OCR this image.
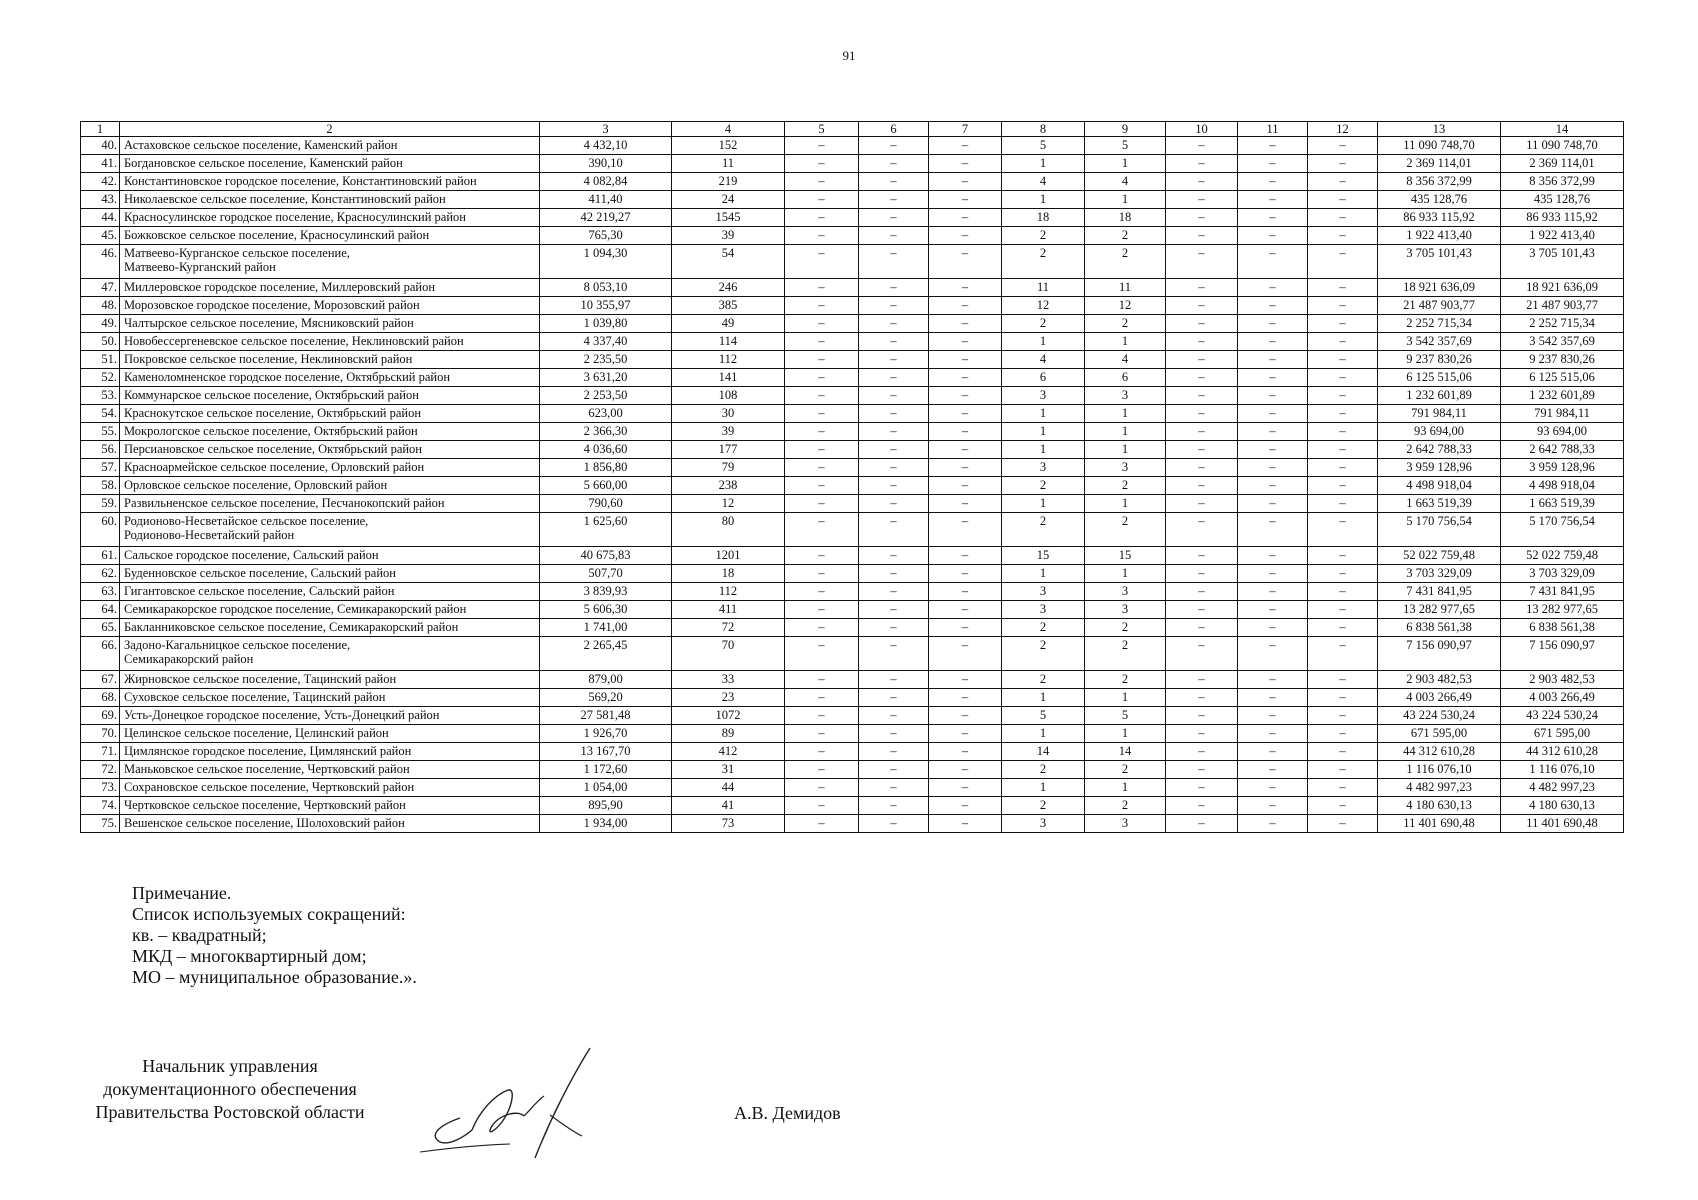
91
1	2	3	4	5	6	7	8	9	10	11	12	13	14
40.	Астаховское сельское поселение, Каменский район	4 432,10	152	–	–	–	5	5	–	–	–	11 090 748,70	11 090 748,70
41.	Богдановское сельское поселение, Каменский район	390,10	11	–	–	–	1	1	–	–	–	2 369 114,01	2 369 114,01
42.	Константиновское городское поселение, Константиновский район	4 082,84	219	–	–	–	4	4	–	–	–	8 356 372,99	8 356 372,99
43.	Николаевское сельское поселение, Константиновский район	411,40	24	–	–	–	1	1	–	–	–	435 128,76	435 128,76
44.	Красносулинское городское поселение, Красносулинский район	42 219,27	1545	–	–	–	18	18	–	–	–	86 933 115,92	86 933 115,92
45.	Божковское сельское поселение, Красносулинский район	765,30	39	–	–	–	2	2	–	–	–	1 922 413,40	1 922 413,40
46.	Матвеево-Курганское сельское поселение,
Матвеево-Курганский район	1 094,30	54	–	–	–	2	2	–	–	–	3 705 101,43	3 705 101,43
47.	Миллеровское городское поселение, Миллеровский район	8 053,10	246	–	–	–	11	11	–	–	–	18 921 636,09	18 921 636,09
48.	Морозовское городское поселение, Морозовский район	10 355,97	385	–	–	–	12	12	–	–	–	21 487 903,77	21 487 903,77
49.	Чалтырское сельское поселение, Мясниковский район	1 039,80	49	–	–	–	2	2	–	–	–	2 252 715,34	2 252 715,34
50.	Новобессергеневское сельское поселение, Неклиновский район	4 337,40	114	–	–	–	1	1	–	–	–	3 542 357,69	3 542 357,69
51.	Покровское сельское поселение, Неклиновский район	2 235,50	112	–	–	–	4	4	–	–	–	9 237 830,26	9 237 830,26
52.	Каменоломненское городское поселение, Октябрьский район	3 631,20	141	–	–	–	6	6	–	–	–	6 125 515,06	6 125 515,06
53.	Коммунарское сельское поселение, Октябрьский район	2 253,50	108	–	–	–	3	3	–	–	–	1 232 601,89	1 232 601,89
54.	Краснокутское сельское поселение, Октябрьский район	623,00	30	–	–	–	1	1	–	–	–	791 984,11	791 984,11
55.	Мокрологское сельское поселение, Октябрьский район	2 366,30	39	–	–	–	1	1	–	–	–	93 694,00	93 694,00
56.	Персиановское сельское поселение, Октябрьский район	4 036,60	177	–	–	–	1	1	–	–	–	2 642 788,33	2 642 788,33
57.	Красноармейское сельское поселение, Орловский район	1 856,80	79	–	–	–	3	3	–	–	–	3 959 128,96	3 959 128,96
58.	Орловское сельское поселение, Орловский район	5 660,00	238	–	–	–	2	2	–	–	–	4 498 918,04	4 498 918,04
59.	Развильненское сельское поселение, Песчанокопский район	790,60	12	–	–	–	1	1	–	–	–	1 663 519,39	1 663 519,39
60.	Родионово-Несветайское сельское поселение,
Родионово-Несветайский район	1 625,60	80	–	–	–	2	2	–	–	–	5 170 756,54	5 170 756,54
61.	Сальское городское поселение, Сальский район	40 675,83	1201	–	–	–	15	15	–	–	–	52 022 759,48	52 022 759,48
62.	Буденновское сельское поселение, Сальский район	507,70	18	–	–	–	1	1	–	–	–	3 703 329,09	3 703 329,09
63.	Гигантовское сельское поселение, Сальский район	3 839,93	112	–	–	–	3	3	–	–	–	7 431 841,95	7 431 841,95
64.	Семикаракорское городское поселение, Семикаракорский район	5 606,30	411	–	–	–	3	3	–	–	–	13 282 977,65	13 282 977,65
65.	Бакланниковское сельское поселение, Семикаракорский район	1 741,00	72	–	–	–	2	2	–	–	–	6 838 561,38	6 838 561,38
66.	Задоно-Кагальницкое сельское поселение,
Семикаракорский район	2 265,45	70	–	–	–	2	2	–	–	–	7 156 090,97	7 156 090,97
67.	Жирновское сельское поселение, Тацинский район	879,00	33	–	–	–	2	2	–	–	–	2 903 482,53	2 903 482,53
68.	Суховское сельское поселение, Тацинский район	569,20	23	–	–	–	1	1	–	–	–	4 003 266,49	4 003 266,49
69.	Усть-Донецкое городское поселение, Усть-Донецкий район	27 581,48	1072	–	–	–	5	5	–	–	–	43 224 530,24	43 224 530,24
70.	Целинское сельское поселение, Целинский район	1 926,70	89	–	–	–	1	1	–	–	–	671 595,00	671 595,00
71.	Цимлянское городское поселение, Цимлянский район	13 167,70	412	–	–	–	14	14	–	–	–	44 312 610,28	44 312 610,28
72.	Маньковское сельское поселение, Чертковский район	1 172,60	31	–	–	–	2	2	–	–	–	1 116 076,10	1 116 076,10
73.	Сохрановское сельское поселение, Чертковский район	1 054,00	44	–	–	–	1	1	–	–	–	4 482 997,23	4 482 997,23
74.	Чертковское сельское поселение, Чертковский район	895,90	41	–	–	–	2	2	–	–	–	4 180 630,13	4 180 630,13
75.	Вешенское сельское поселение, Шолоховский район	1 934,00	73	–	–	–	3	3	–	–	–	11 401 690,48	11 401 690,48
Примечание.
Список используемых сокращений:
кв. – квадратный;
МКД – многоквартирный дом;
МО – муниципальное образование.».
Начальник управления
документационного обеспечения
Правительства Ростовской области	А.В. Демидов
